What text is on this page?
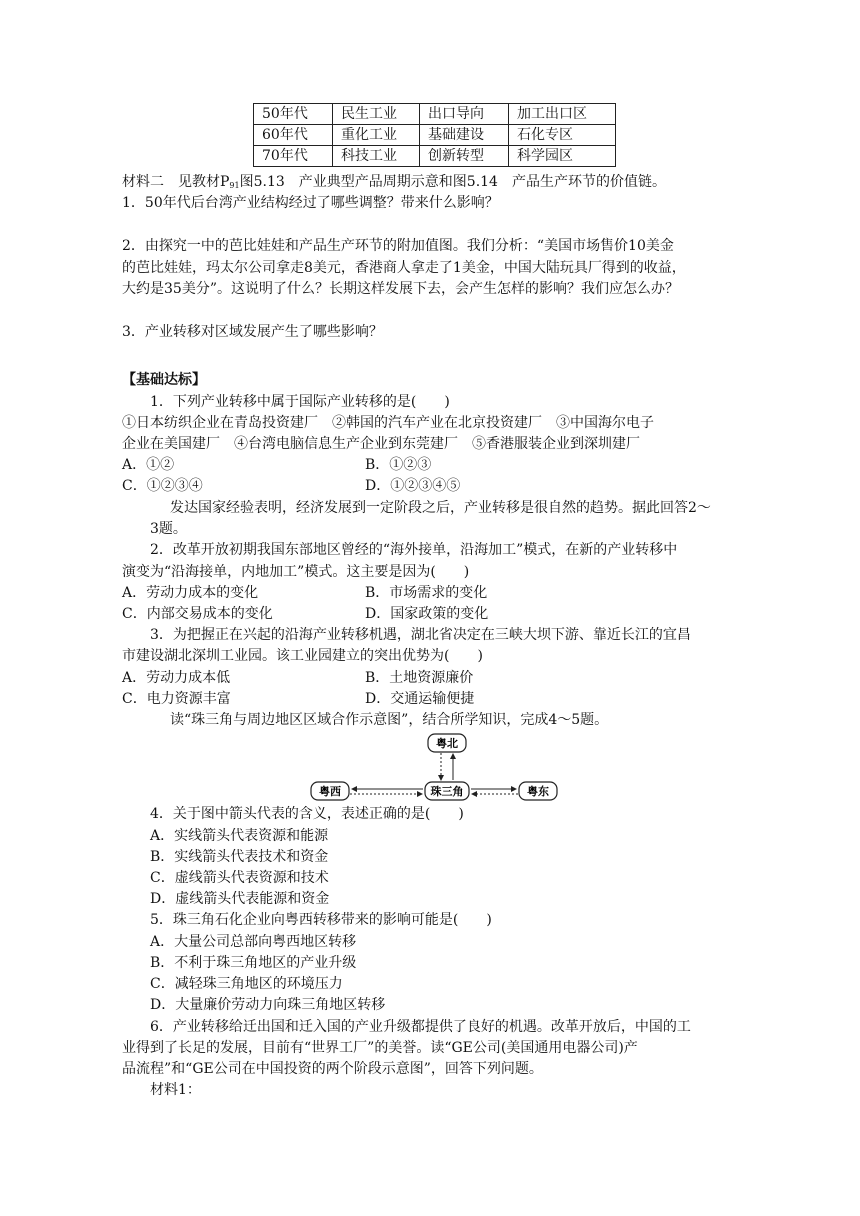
50年代	民生工业	出口导向	加工出口区
60年代	重化工业	基础建设	石化专区
70年代	科技工业	创新转型	科学园区
材料二　见教材$P_{91}$图5.13　产业典型产品周期示意和图5.14　产品生产环节的价值链。
1．50年代后台湾产业结构经过了哪些调整？带来什么影响？
2．由探究一中的芭比娃娃和产品生产环节的附加值图。我们分析：“美国市场售价10美金
的芭比娃娃，玛太尔公司拿走8美元，香港商人拿走了1美金，中国大陆玩具厂得到的收益，
大约是35美分”。这说明了什么？长期这样发展下去，会产生怎样的影响？我们应怎么办？
3．产业转移对区域发展产生了哪些影响？
【基础达标】
1．下列产业转移中属于国际产业转移的是(　　)
①日本纺织企业在青岛投资建厂　②韩国的汽车产业在北京投资建厂　③中国海尔电子
企业在美国建厂　④台湾电脑信息生产企业到东莞建厂　⑤香港服装企业到深圳建厂
A．①②	B．①②③
C．①②③④	D．①②③④⑤
发达国家经验表明，经济发展到一定阶段之后，产业转移是很自然的趋势。据此回答2～
3题。
2．改革开放初期我国东部地区曾经的“海外接单，沿海加工”模式，在新的产业转移中
演变为“沿海接单，内地加工”模式。这主要是因为(　　)
A．劳动力成本的变化	B．市场需求的变化
C．内部交易成本的变化	D．国家政策的变化
3．为把握正在兴起的沿海产业转移机遇，湖北省决定在三峡大坝下游、靠近长江的宜昌
市建设湖北深圳工业园。该工业园建立的突出优势为(　　)
A．劳动力成本低	B．土地资源廉价
C．电力资源丰富	D．交通运输便捷
读“珠三角与周边地区区域合作示意图”，结合所学知识，完成4～5题。
粤北
粤西	珠三角	粤东
4．关于图中箭头代表的含义，表述正确的是(　　)
A．实线箭头代表资源和能源
B．实线箭头代表技术和资金
C．虚线箭头代表资源和技术
D．虚线箭头代表能源和资金
5．珠三角石化企业向粤西转移带来的影响可能是(　　)
A．大量公司总部向粤西地区转移
B．不利于珠三角地区的产业升级
C．减轻珠三角地区的环境压力
D．大量廉价劳动力向珠三角地区转移
6．产业转移给迁出国和迁入国的产业升级都提供了良好的机遇。改革开放后，中国的工
业得到了长足的发展，目前有“世界工厂”的美誉。读“GE公司(美国通用电器公司)产
品流程”和“GE公司在中国投资的两个阶段示意图”，回答下列问题。
材料1：
